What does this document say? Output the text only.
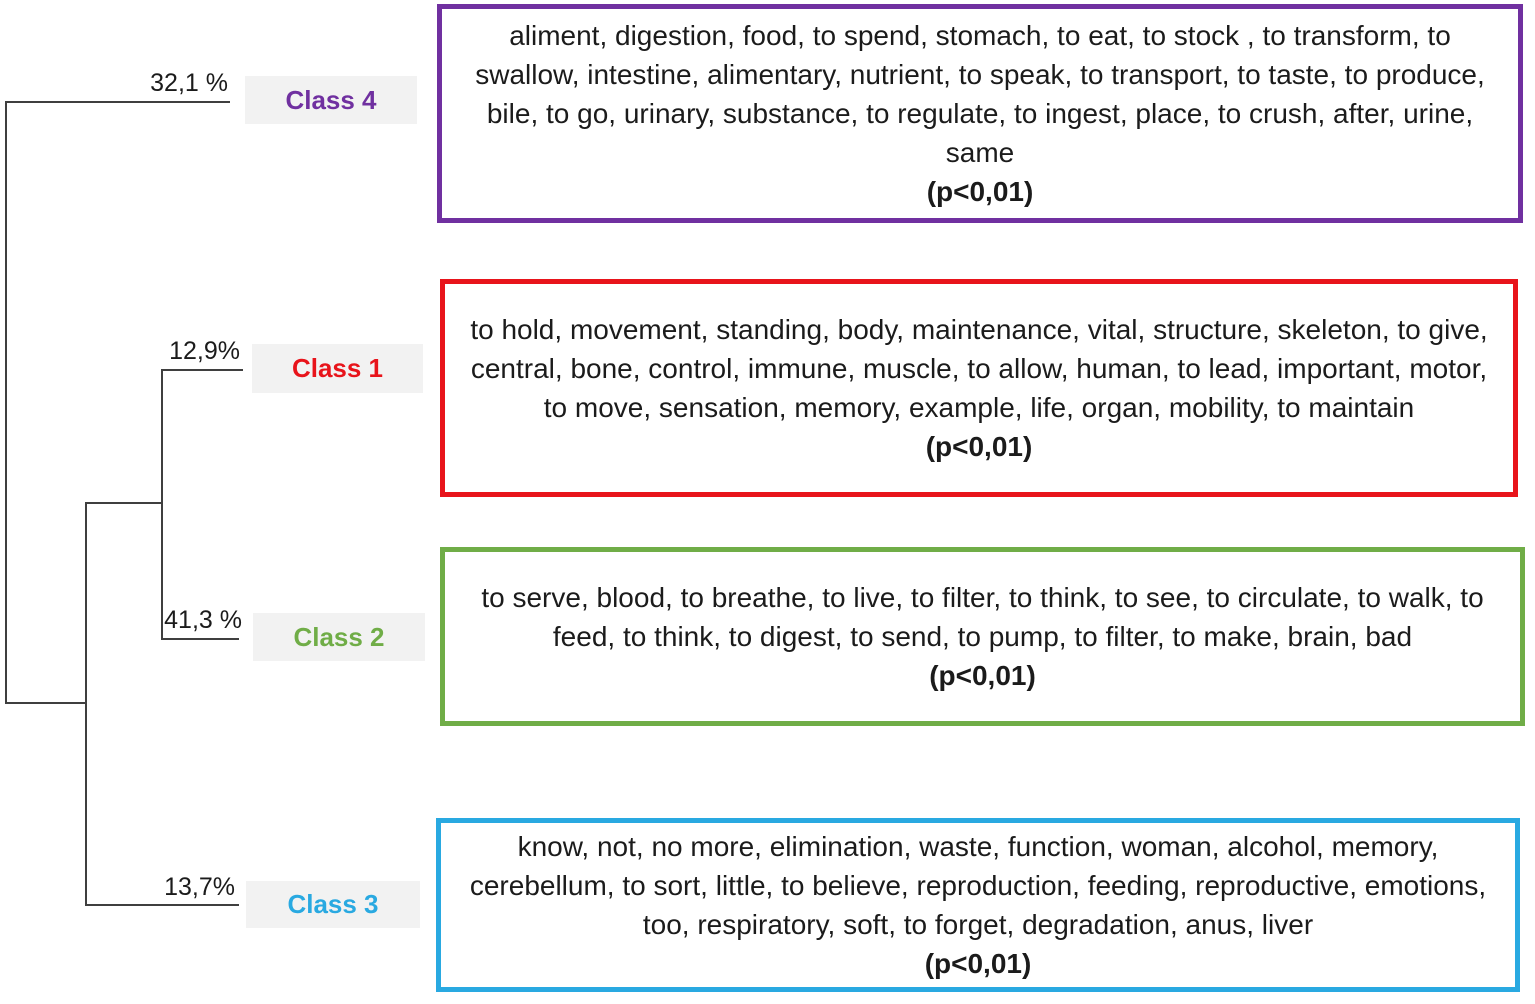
32,1 %
Class 4
aliment, digestion, food, to spend, stomach, to eat, to stock , to transform, to swallow, intestine, alimentary, nutrient, to speak, to transport, to taste, to produce, bile, to go, urinary, substance, to regulate, to ingest, place, to crush, after, urine, same
(p<0,01)
12,9%
Class 1
to hold, movement, standing, body, maintenance, vital, structure, skeleton, to give, central, bone, control, immune, muscle, to allow, human, to lead, important, motor, to move, sensation, memory, example, life, organ, mobility, to maintain
(p<0,01)
41,3 %
Class 2
to serve, blood, to breathe, to live, to filter, to think, to see, to circulate, to walk, to feed, to think, to digest, to send, to pump, to filter, to make, brain, bad
(p<0,01)
13,7%
Class 3
know, not, no more, elimination, waste, function, woman, alcohol, memory, cerebellum, to sort, little, to believe, reproduction, feeding, reproductive, emotions, too, respiratory, soft, to forget, degradation, anus, liver
(p<0,01)
